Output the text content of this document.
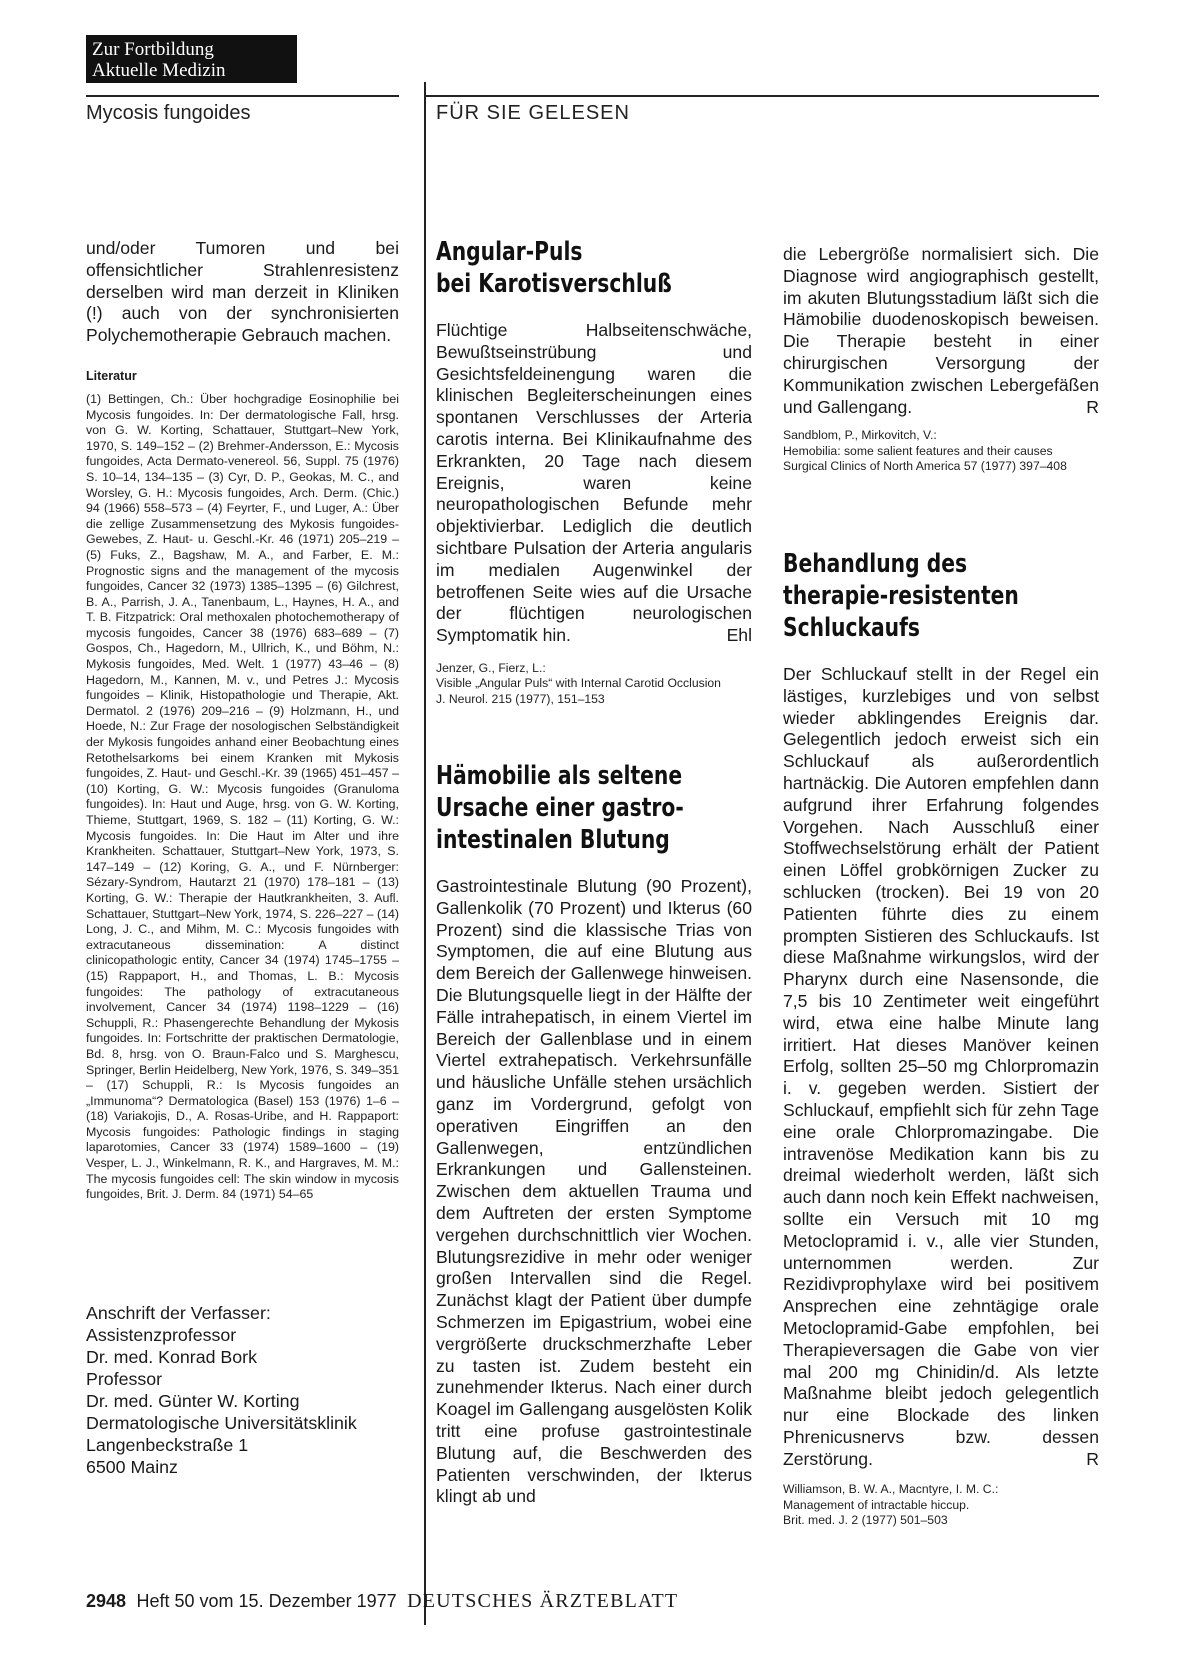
Zur Fortbildung
Aktuelle Medizin
Mycosis fungoides	FÜR SIE GELESEN

und/oder Tumoren und bei offensichtlicher Strahlenresistenz derselben wird man derzeit in Kliniken (!) auch von der synchronisierten Polychemotherapie Gebrauch machen.

Literatur

(1) Bettingen, Ch.: Über hochgradige Eosinophilie bei Mycosis fungoides. In: Der dermatologische Fall, hrsg. von G. W. Korting, Schattauer, Stuttgart–New York, 1970, S. 149–152 – (2) Brehmer-Andersson, E.: Mycosis fungoides, Acta Dermato-venereol. 56, Suppl. 75 (1976) S. 10–14, 134–135 – (3) Cyr, D. P., Geokas, M. C., and Worsley, G. H.: Mycosis fungoides, Arch. Derm. (Chic.) 94 (1966) 558–573 – (4) Feyrter, F., und Luger, A.: Über die zellige Zusammensetzung des Mykosis fungoides-Gewebes, Z. Haut- u. Geschl.-Kr. 46 (1971) 205–219 – (5) Fuks, Z., Bagshaw, M. A., and Farber, E. M.: Prognostic signs and the management of the mycosis fungoides, Cancer 32 (1973) 1385–1395 – (6) Gilchrest, B. A., Parrish, J. A., Tanenbaum, L., Haynes, H. A., and T. B. Fitzpatrick: Oral methoxalen photochemotherapy of mycosis fungoides, Cancer 38 (1976) 683–689 – (7) Gospos, Ch., Hagedorn, M., Ullrich, K., und Böhm, N.: Mykosis fungoides, Med. Welt. 1 (1977) 43–46 – (8) Hagedorn, M., Kannen, M. v., und Petres J.: Mycosis fungoides – Klinik, Histopathologie und Therapie, Akt. Dermatol. 2 (1976) 209–216 – (9) Holzmann, H., und Hoede, N.: Zur Frage der nosologischen Selbständigkeit der Mykosis fungoides anhand einer Beobachtung eines Retothelsarkoms bei einem Kranken mit Mykosis fungoides, Z. Haut- und Geschl.-Kr. 39 (1965) 451–457 – (10) Korting, G. W.: Mycosis fungoides (Granuloma fungoides). In: Haut und Auge, hrsg. von G. W. Korting, Thieme, Stuttgart, 1969, S. 182 – (11) Korting, G. W.: Mycosis fungoides. In: Die Haut im Alter und ihre Krankheiten. Schattauer, Stuttgart–New York, 1973, S. 147–149 – (12) Koring, G. A., und F. Nürnberger: Sézary-Syndrom, Hautarzt 21 (1970) 178–181 – (13) Korting, G. W.: Therapie der Hautkrankheiten, 3. Aufl. Schattauer, Stuttgart–New York, 1974, S. 226–227 – (14) Long, J. C., and Mihm, M. C.: Mycosis fungoides with extracutaneous dissemination: A distinct clinicopathologic entity, Cancer 34 (1974) 1745–1755 – (15) Rappaport, H., and Thomas, L. B.: Mycosis fungoides: The pathology of extracutaneous involvement, Cancer 34 (1974) 1198–1229 – (16) Schuppli, R.: Phasengerechte Behandlung der Mykosis fungoides. In: Fortschritte der praktischen Dermatologie, Bd. 8, hrsg. von O. Braun-Falco und S. Marghescu, Springer, Berlin Heidelberg, New York, 1976, S. 349–351 – (17) Schuppli, R.: Is Mycosis fungoides an „Immunoma“? Dermatologica (Basel) 153 (1976) 1–6 – (18) Variakojis, D., A. Rosas-Uribe, and H. Rappaport: Mycosis fungoides: Pathologic findings in staging laparotomies, Cancer 33 (1974) 1589–1600 – (19) Vesper, L. J., Winkelmann, R. K., and Hargraves, M. M.: The mycosis fungoides cell: The skin window in mycosis fungoides, Brit. J. Derm. 84 (1971) 54–65

Anschrift der Verfasser:
Assistenzprofessor
Dr. med. Konrad Bork
Professor
Dr. med. Günter W. Korting
Dermatologische Universitätsklinik
Langenbeckstraße 1
6500 Mainz
Angular-Puls
bei Karotisverschluß

Flüchtige Halbseitenschwäche, Bewußtseinstrübung und Gesichtsfeldeinengung waren die klinischen Begleiterscheinungen eines spontanen Verschlusses der Arteria carotis interna. Bei Klinikaufnahme des Erkrankten, 20 Tage nach diesem Ereignis, waren keine neuropathologischen Befunde mehr objektivierbar. Lediglich die deutlich sichtbare Pulsation der Arteria angularis im medialen Augenwinkel der betroffenen Seite wies auf die Ursache der flüchtigen neurologischen Symptomatik hin.	Ehl

Jenzer, G., Fierz, L.:
Visible „Angular Puls“ with Internal Carotid Occlusion
J. Neurol. 215 (1977), 151–153
Hämobilie als seltene
Ursache einer gastro-
intestinalen Blutung

Gastrointestinale Blutung (90 Prozent), Gallenkolik (70 Prozent) und Ikterus (60 Prozent) sind die klassische Trias von Symptomen, die auf eine Blutung aus dem Bereich der Gallenwege hinweisen. Die Blutungsquelle liegt in der Hälfte der Fälle intrahepatisch, in einem Viertel im Bereich der Gallenblase und in einem Viertel extrahepatisch. Verkehrsunfälle und häusliche Unfälle stehen ursächlich ganz im Vordergrund, gefolgt von operativen Eingriffen an den Gallenwegen, entzündlichen Erkrankungen und Gallensteinen. Zwischen dem aktuellen Trauma und dem Auftreten der ersten Symptome vergehen durchschnittlich vier Wochen. Blutungsrezidive in mehr oder weniger großen Intervallen sind die Regel. Zunächst klagt der Patient über dumpfe Schmerzen im Epigastrium, wobei eine vergrößerte druckschmerzhafte Leber zu tasten ist. Zudem besteht ein zunehmender Ikterus. Nach einer durch Koagel im Gallengang ausgelösten Kolik tritt eine profuse gastrointestinale Blutung auf, die Beschwerden des Patienten verschwinden, der Ikterus klingt ab und

die Lebergröße normalisiert sich. Die Diagnose wird angiographisch gestellt, im akuten Blutungsstadium läßt sich die Hämobilie duodenoskopisch beweisen. Die Therapie besteht in einer chirurgischen Versorgung der Kommunikation zwischen Lebergefäßen und Gallengang.	R

Sandblom, P., Mirkovitch, V.:
Hemobilia: some salient features and their causes
Surgical Clinics of North America 57 (1977) 397–408
Behandlung des
therapie-resistenten
Schluckaufs

Der Schluckauf stellt in der Regel ein lästiges, kurzlebiges und von selbst wieder abklingendes Ereignis dar. Gelegentlich jedoch erweist sich ein Schluckauf als außerordentlich hartnäckig. Die Autoren empfehlen dann aufgrund ihrer Erfahrung folgendes Vorgehen. Nach Ausschluß einer Stoffwechselstörung erhält der Patient einen Löffel grobkörnigen Zucker zu schlucken (trocken). Bei 19 von 20 Patienten führte dies zu einem prompten Sistieren des Schluckaufs. Ist diese Maßnahme wirkungslos, wird der Pharynx durch eine Nasensonde, die 7,5 bis 10 Zentimeter weit eingeführt wird, etwa eine halbe Minute lang irritiert. Hat dieses Manöver keinen Erfolg, sollten 25–50 mg Chlorpromazin i. v. gegeben werden. Sistiert der Schluckauf, empfiehlt sich für zehn Tage eine orale Chlorpromazingabe. Die intravenöse Medikation kann bis zu dreimal wiederholt werden, läßt sich auch dann noch kein Effekt nachweisen, sollte ein Versuch mit 10 mg Metoclopramid i. v., alle vier Stunden, unternommen werden. Zur Rezidivprophylaxe wird bei positivem Ansprechen eine zehntägige orale Metoclopramid-Gabe empfohlen, bei Therapieversagen die Gabe von vier mal 200 mg Chinidin/d. Als letzte Maßnahme bleibt jedoch gelegentlich nur eine Blockade des linken Phrenicusnervs bzw. dessen Zerstörung.	R

Williamson, B. W. A., Macntyre, I. M. C.:
Management of intractable hiccup.
Brit. med. J. 2 (1977) 501–503
2948 Heft 50 vom 15. Dezember 1977 DEUTSCHES ÄRZTEBLATT
